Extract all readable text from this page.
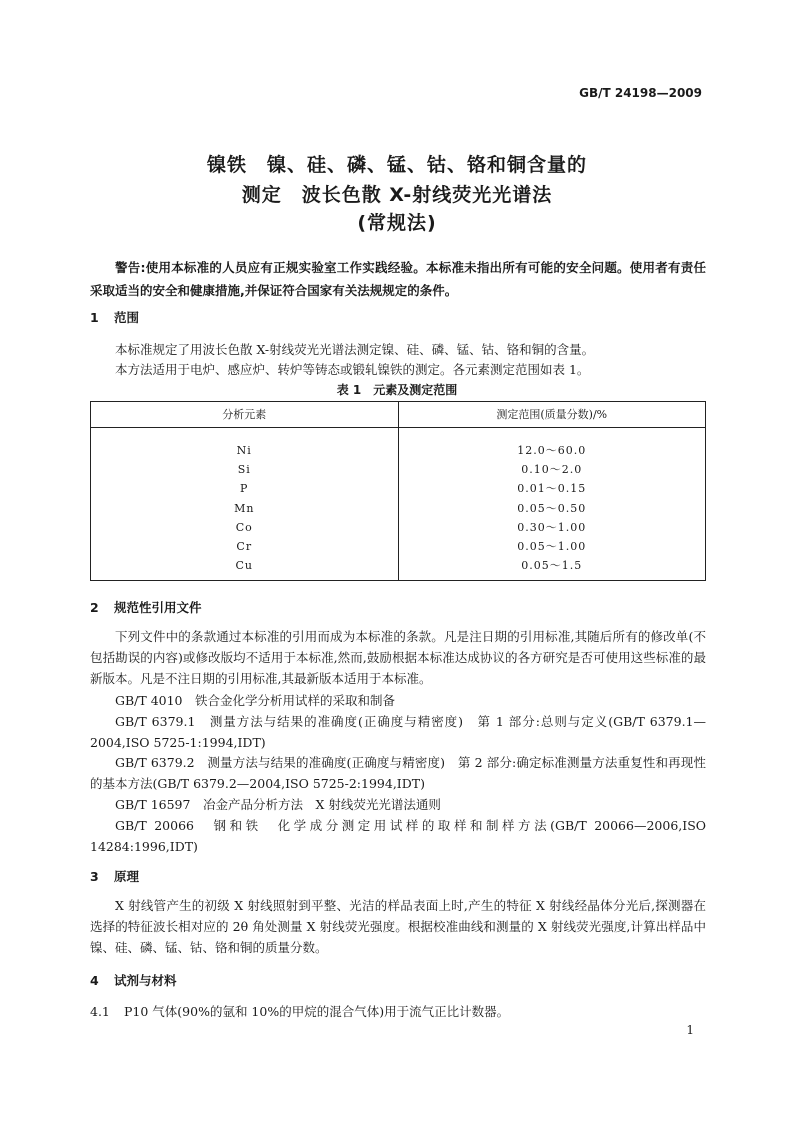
GB/T 24198—2009
镍铁　镍、硅、磷、锰、钴、铬和铜含量的
测定　波长色散 X-射线荧光光谱法
(常规法)
警告:使用本标准的人员应有正规实验室工作实践经验。本标准未指出所有可能的安全问题。使用者有责任采取适当的安全和健康措施,并保证符合国家有关法规规定的条件。
1 范围
本标准规定了用波长色散 X-射线荧光光谱法测定镍、硅、磷、锰、钴、铬和铜的含量。
本方法适用于电炉、感应炉、转炉等铸态或锻轧镍铁的测定。各元素测定范围如表 1。
表 1　元素及测定范围
分析元素	测定范围(质量分数)/%
Ni
Si
P
Mn
Co
Cr
Cu
12.0～60.0
0.10～2.0
0.01～0.15
0.05～0.50
0.30～1.00
0.05～1.00
0.05～1.5
2 规范性引用文件
下列文件中的条款通过本标准的引用而成为本标准的条款。凡是注日期的引用标准,其随后所有的修改单(不包括勘误的内容)或修改版均不适用于本标准,然而,鼓励根据本标准达成协议的各方研究是否可使用这些标准的最新版本。凡是不注日期的引用标准,其最新版本适用于本标准。
GB/T 4010　铁合金化学分析用试样的采取和制备
GB/T 6379.1　测量方法与结果的准确度(正确度与精密度)　第 1 部分:总则与定义(GB/T 6379.1—2004,ISO 5725-1:1994,IDT)
GB/T 6379.2　测量方法与结果的准确度(正确度与精密度)　第 2 部分:确定标准测量方法重复性和再现性的基本方法(GB/T 6379.2—2004,ISO 5725-2:1994,IDT)
GB/T 16597　冶金产品分析方法　X 射线荧光光谱法通则
GB/T 20066　钢和铁　化学成分测定用试样的取样和制样方法(GB/T 20066—2006,ISO 14284:1996,IDT)
3 原理
X 射线管产生的初级 X 射线照射到平整、光洁的样品表面上时,产生的特征 X 射线经晶体分光后,探测器在选择的特征波长相对应的 2θ 角处测量 X 射线荧光强度。根据校准曲线和测量的 X 射线荧光强度,计算出样品中镍、硅、磷、锰、钴、铬和铜的质量分数。
4 试剂与材料
4.1 P10 气体(90%的氩和 10%的甲烷的混合气体)用于流气正比计数器。
1
